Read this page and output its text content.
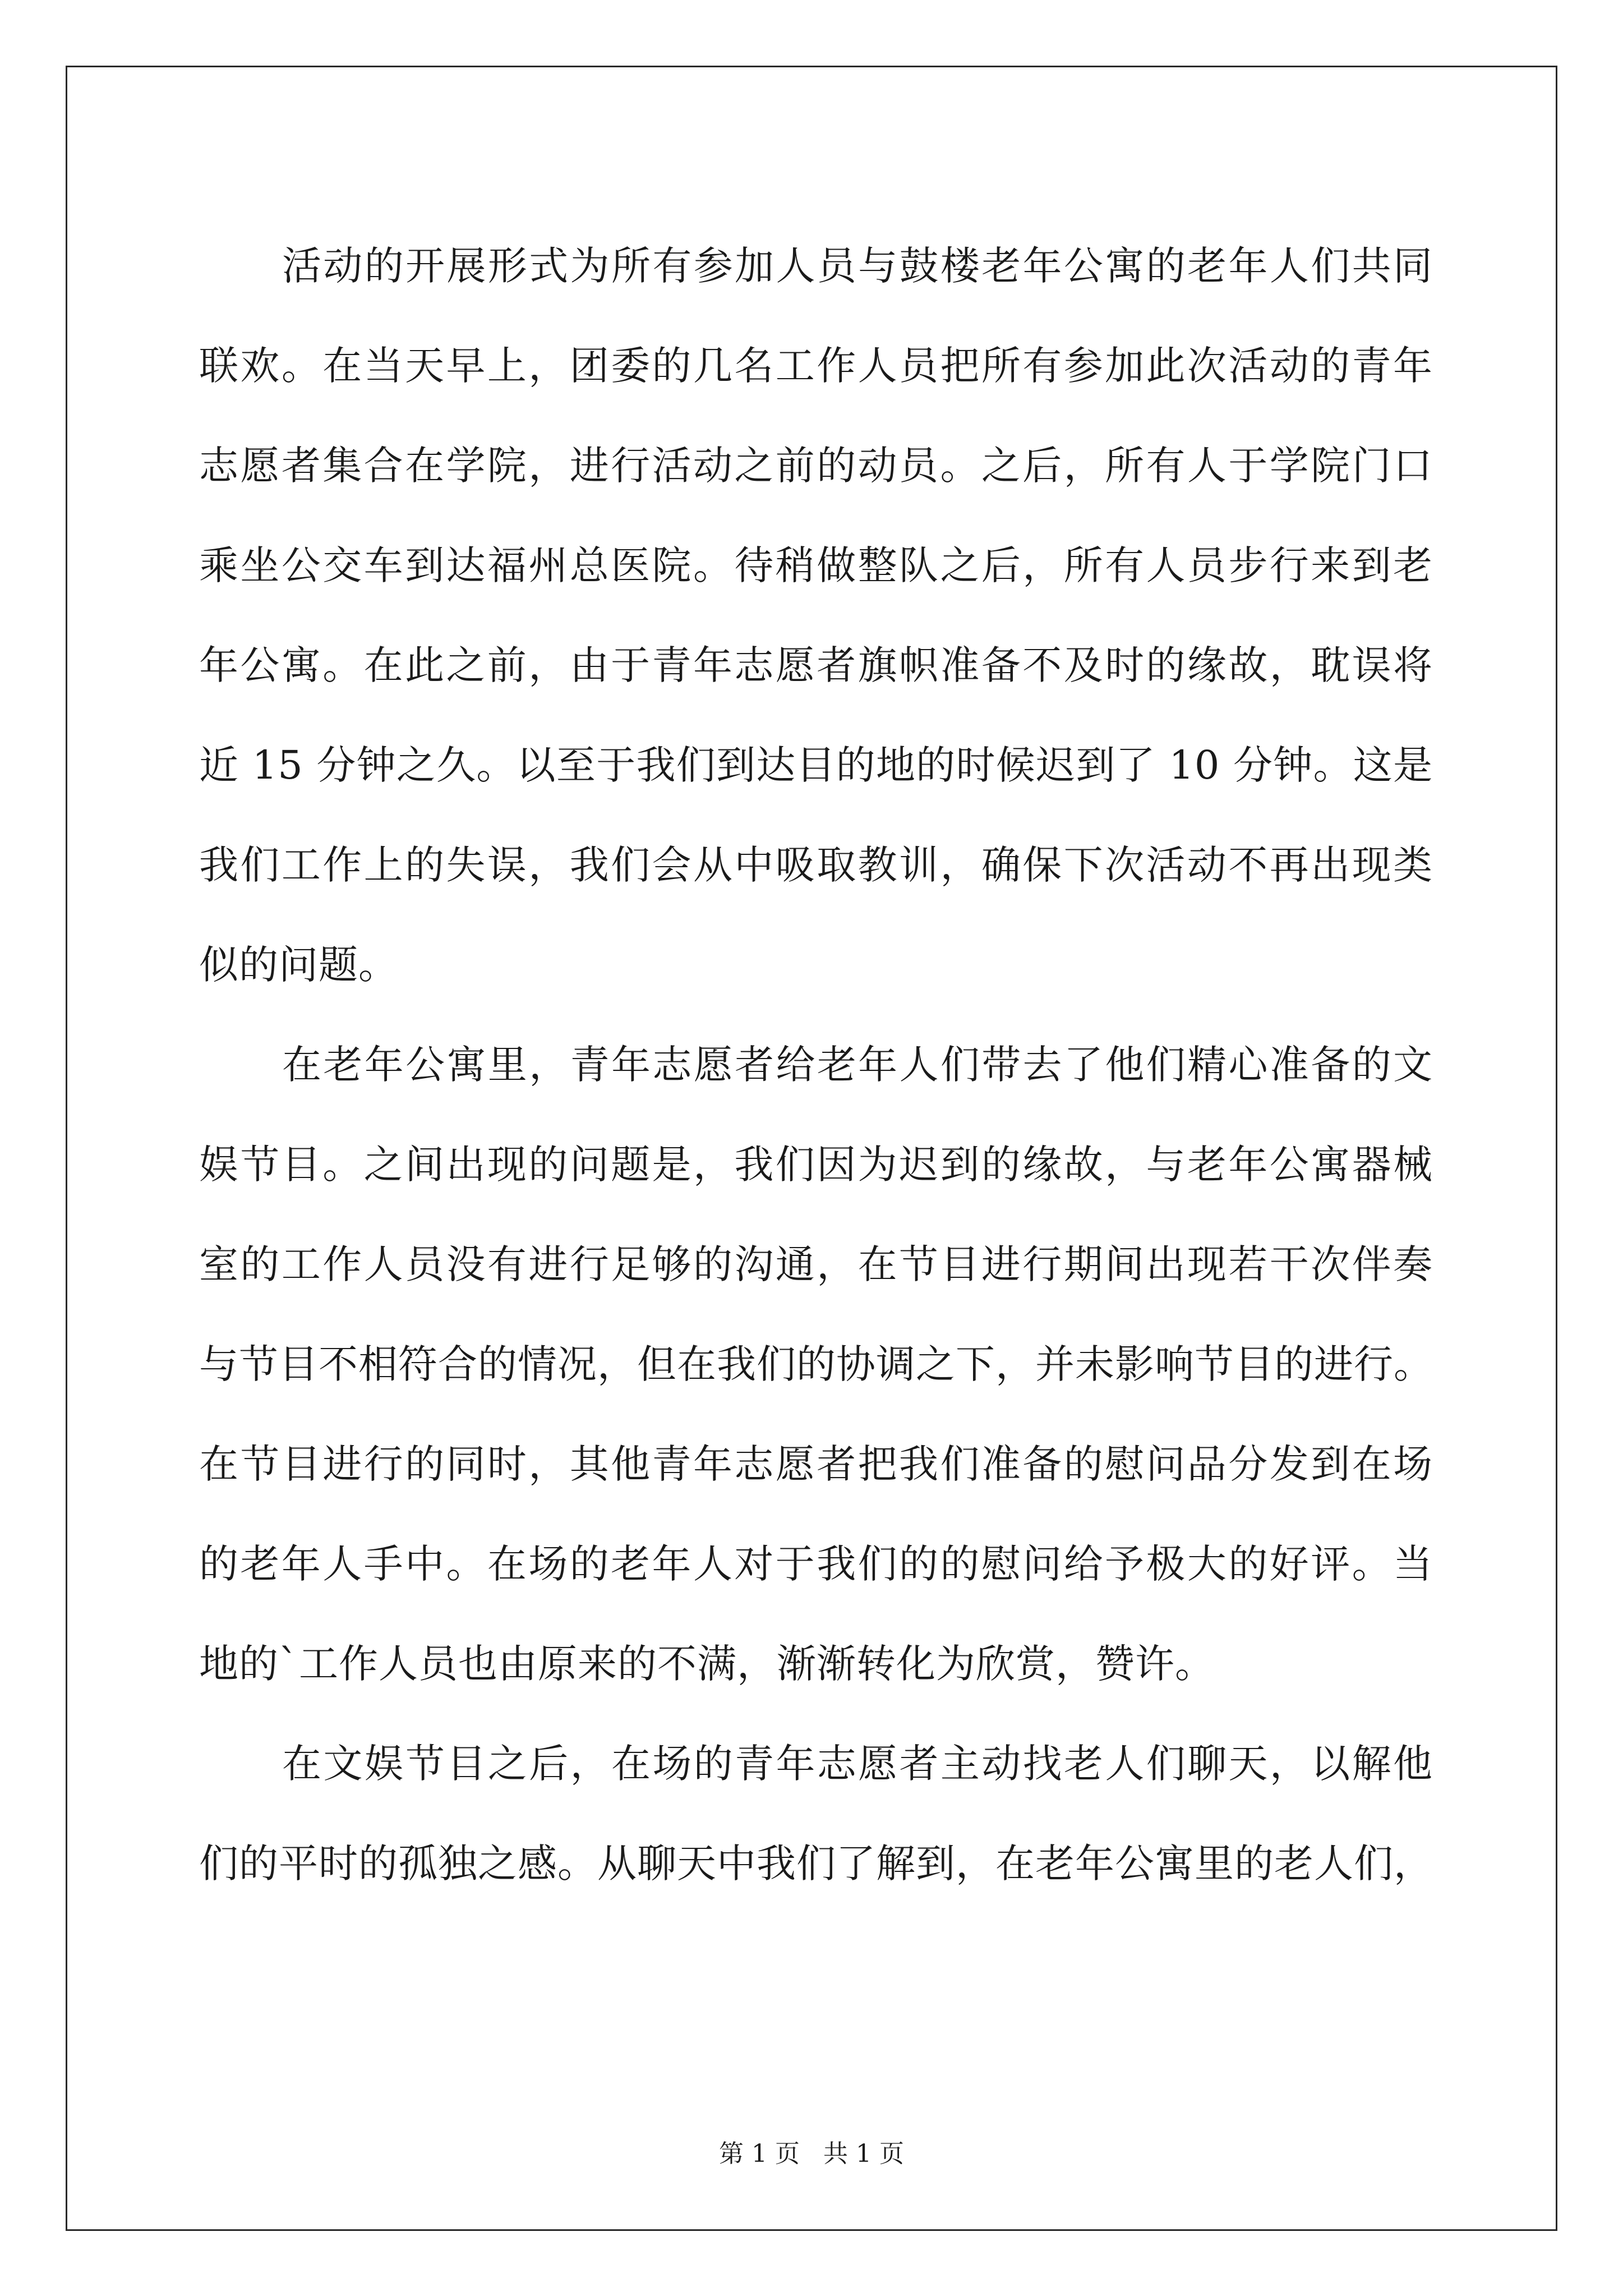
活动的开展形式为所有参加人员与鼓楼老年公寓的老年人们共同
联欢。在当天早上，团委的几名工作人员把所有参加此次活动的青年
志愿者集合在学院，进行活动之前的动员。之后，所有人于学院门口
乘坐公交车到达福州总医院。待稍做整队之后，所有人员步行来到老
年公寓。在此之前，由于青年志愿者旗帜准备不及时的缘故，耽误将
近 15 分钟之久。以至于我们到达目的地的时候迟到了 10 分钟。这是
我们工作上的失误，我们会从中吸取教训，确保下次活动不再出现类
似的问题。
在老年公寓里，青年志愿者给老年人们带去了他们精心准备的文
娱节目。之间出现的问题是，我们因为迟到的缘故，与老年公寓器械
室的工作人员没有进行足够的沟通，在节目进行期间出现若干次伴奏
与节目不相符合的情况，但在我们的协调之下，并未影响节目的进行。
在节目进行的同时，其他青年志愿者把我们准备的慰问品分发到在场
的老年人手中。在场的老年人对于我们的的慰问给予极大的好评。当
地的`工作人员也由原来的不满，渐渐转化为欣赏，赞许。
在文娱节目之后，在场的青年志愿者主动找老人们聊天，以解他
们的平时的孤独之感。从聊天中我们了解到，在老年公寓里的老人们，
第 1 页   共 1 页
